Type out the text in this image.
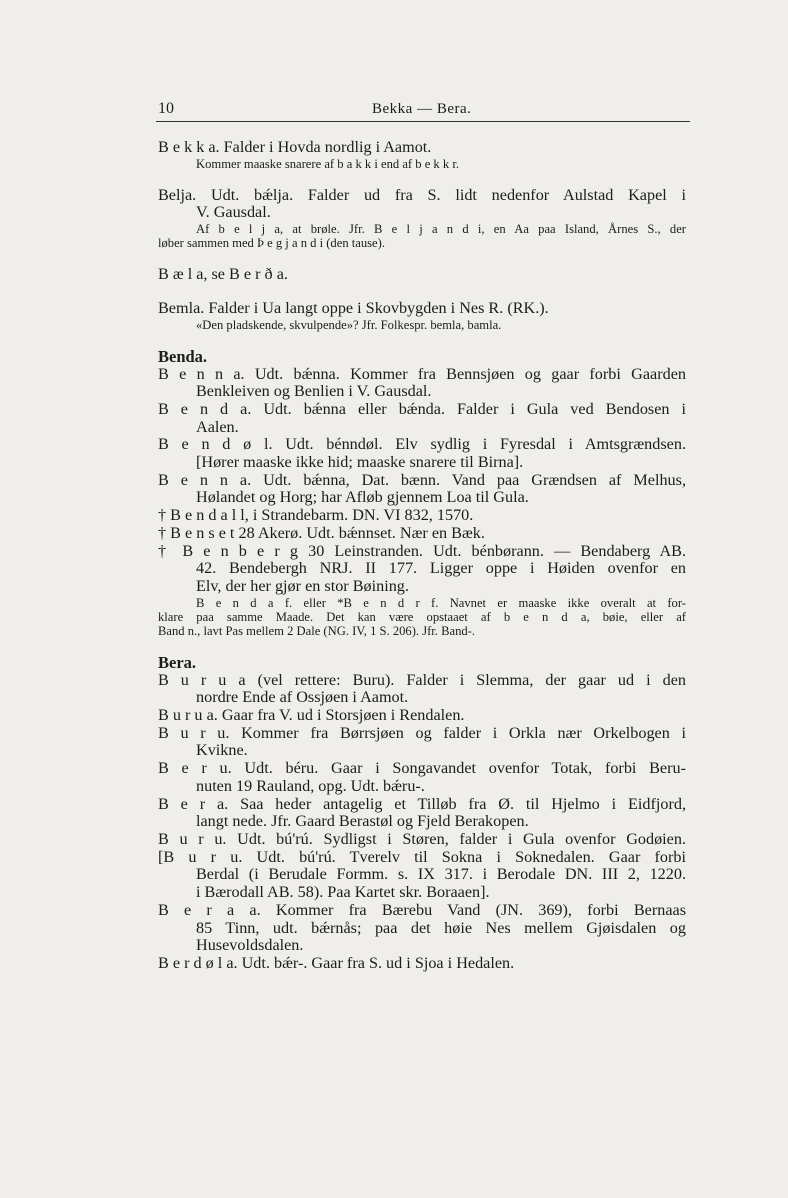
10	Bekka — Bera.
B e k k a. Falder i Hovda nordlig i Aamot.
Kommer maaske snarere af b a k k i end af b e k k r.
Belja. Udt. bǽlja. Falder ud fra S. lidt nedenfor Aulstad Kapel i
V. Gausdal.
Af b e l j a, at brøle. Jfr. B e l j a n d i, en Aa paa Island, Årnes S., der
løber sammen med Þ e g j a n d i (den tause).
B æ l a, se B e r ð a.
Bemla. Falder i Ua langt oppe i Skovbygden i Nes R. (RK.).
«Den pladskende, skvulpende»? Jfr. Folkespr. bemla, bamla.
Benda.
B e n n a. Udt. bǽnna. Kommer fra Bennsjøen og gaar forbi Gaarden
Benkleiven og Benlien i V. Gausdal.
B e n d a. Udt. bǽnna eller bǽnda. Falder i Gula ved Bendosen i
Aalen.
B e n d ø l. Udt. bénndøl. Elv sydlig i Fyresdal i Amtsgrændsen.
[Hører maaske ikke hid; maaske snarere til Birna].
B e n n a. Udt. bǽnna, Dat. bænn. Vand paa Grændsen af Melhus,
Hølandet og Horg; har Afløb gjennem Loa til Gula.
† B e n d a l l, i Strandebarm. DN. VI 832, 1570.
† B e n s e t 28 Akerø. Udt. bǽnnset. Nær en Bæk.
† B e n b e r g 30 Leinstranden. Udt. bénbørann. — Bendaberg AB.
42. Bendebergh NRJ. II 177. Ligger oppe i Høiden ovenfor en
Elv, der her gjør en stor Bøining.
B e n d a f. eller *B e n d r f. Navnet er maaske ikke overalt at for-
klare paa samme Maade. Det kan være opstaaet af b e n d a, bøie, eller af
Band n., lavt Pas mellem 2 Dale (NG. IV, 1 S. 206). Jfr. Band-.
Bera.
B u r u a (vel rettere: Buru). Falder i Slemma, der gaar ud i den
nordre Ende af Ossjøen i Aamot.
B u r u a. Gaar fra V. ud i Storsjøen i Rendalen.
B u r u. Kommer fra Børrsjøen og falder i Orkla nær Orkelbogen i
Kvikne.
B e r u. Udt. béru. Gaar i Songavandet ovenfor Totak, forbi Beru-
nuten 19 Rauland, opg. Udt. bǽru-.
B e r a. Saa heder antagelig et Tilløb fra Ø. til Hjelmo i Eidfjord,
langt nede. Jfr. Gaard Berastøl og Fjeld Berakopen.
B u r u. Udt. bú'rú. Sydligst i Støren, falder i Gula ovenfor Godøien.
[B u r u. Udt. bú'rú. Tverelv til Sokna i Soknedalen. Gaar forbi
Berdal (i Berudale Formm. s. IX 317. i Berodale DN. III 2, 1220.
i Bærodall AB. 58). Paa Kartet skr. Boraaen].
B e r a a. Kommer fra Bærebu Vand (JN. 369), forbi Bernaas
85 Tinn, udt. bǽrnås; paa det høie Nes mellem Gjøisdalen og
Husevoldsdalen.
B e r d ø l a. Udt. bǽr-. Gaar fra S. ud i Sjoa i Hedalen.
